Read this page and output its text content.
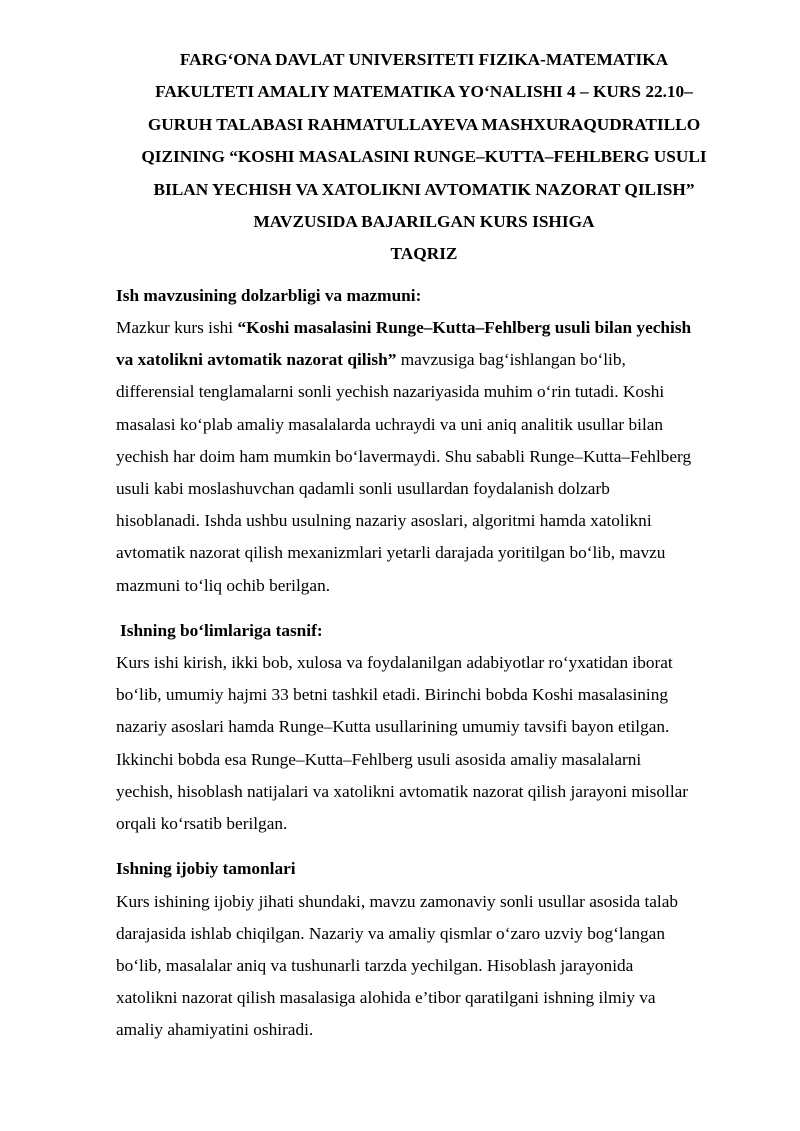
FARG‘ONA DAVLAT UNIVERSITETI FIZIKA-MATEMATIKA
FAKULTETI AMALIY MATEMATIKA YO‘NALISHI 4 – KURS 22.10–
GURUH TALABASI RAHMATULLAYEVA MASHXURAQUDRATILLO
QIZINING “KOSHI MASALASINI RUNGE–KUTTA–FEHLBERG USULI
BILAN YECHISH VA XATOLIKNI AVTOMATIK NAZORAT QILISH”
MAVZUSIDA BAJARILGAN KURS ISHIGA
TAQRIZ
Ish mavzusining dolzarbligi va mazmuni:
Mazkur kurs ishi “Koshi masalasini Runge–Kutta–Fehlberg usuli bilan yechish
va xatolikni avtomatik nazorat qilish” mavzusiga bag‘ishlangan bo‘lib,
differensial tenglamalarni sonli yechish nazariyasida muhim o‘rin tutadi. Koshi
masalasi ko‘plab amaliy masalalarda uchraydi va uni aniq analitik usullar bilan
yechish har doim ham mumkin bo‘lavermaydi. Shu sababli Runge–Kutta–Fehlberg
usuli kabi moslashuvchan qadamli sonli usullardan foydalanish dolzarb
hisoblanadi. Ishda ushbu usulning nazariy asoslari, algoritmi hamda xatolikni
avtomatik nazorat qilish mexanizmlari yetarli darajada yoritilgan bo‘lib, mavzu
mazmuni to‘liq ochib berilgan.
Ishning bo‘limlariga tasnif:
Kurs ishi kirish, ikki bob, xulosa va foydalanilgan adabiyotlar ro‘yxatidan iborat
bo‘lib, umumiy hajmi 33 betni tashkil etadi. Birinchi bobda Koshi masalasining
nazariy asoslari hamda Runge–Kutta usullarining umumiy tavsifi bayon etilgan.
Ikkinchi bobda esa Runge–Kutta–Fehlberg usuli asosida amaliy masalalarni
yechish, hisoblash natijalari va xatolikni avtomatik nazorat qilish jarayoni misollar
orqali ko‘rsatib berilgan.
Ishning ijobiy tamonlari
Kurs ishining ijobiy jihati shundaki, mavzu zamonaviy sonli usullar asosida talab
darajasida ishlab chiqilgan. Nazariy va amaliy qismlar o‘zaro uzviy bog‘langan
bo‘lib, masalalar aniq va tushunarli tarzda yechilgan. Hisoblash jarayonida
xatolikni nazorat qilish masalasiga alohida e’tibor qaratilgani ishning ilmiy va
amaliy ahamiyatini oshiradi.
